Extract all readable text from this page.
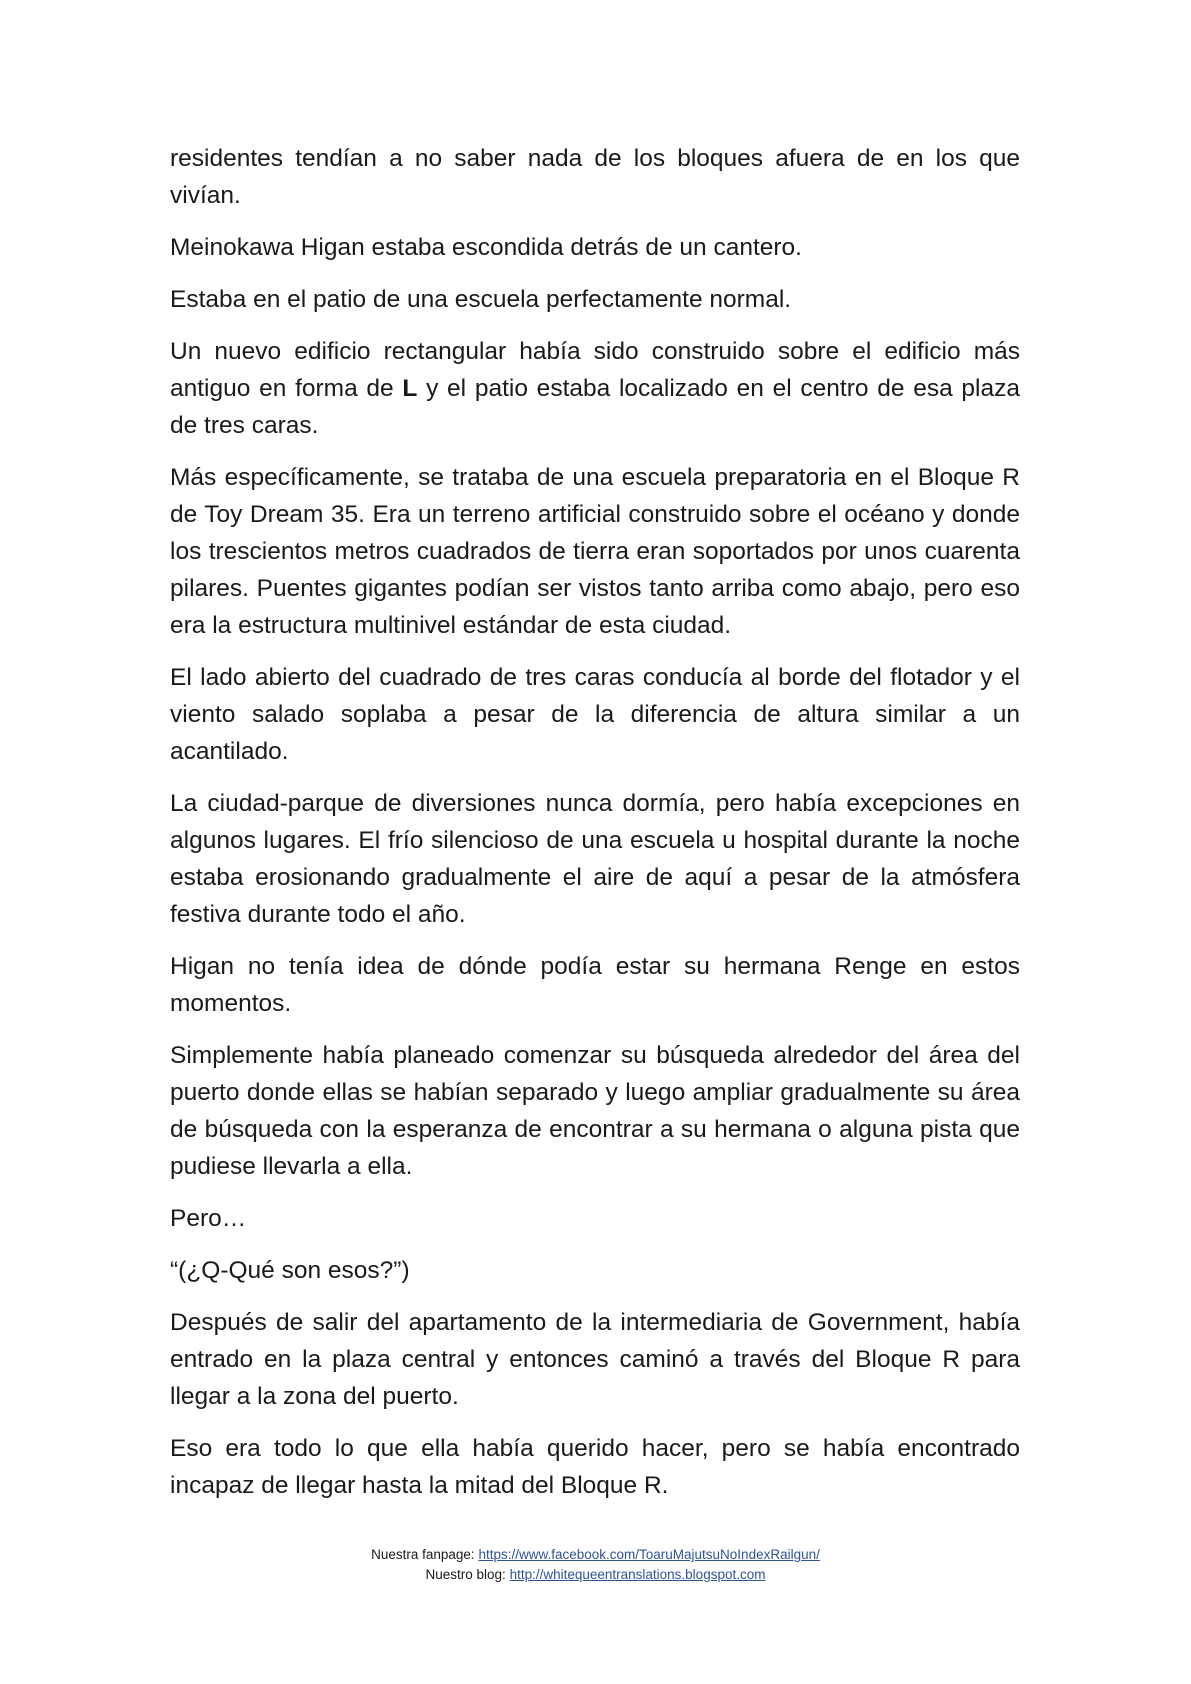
residentes tendían a no saber nada de los bloques afuera de en los que vivían.

Meinokawa Higan estaba escondida detrás de un cantero.

Estaba en el patio de una escuela perfectamente normal.

Un nuevo edificio rectangular había sido construido sobre el edificio más antiguo en forma de L y el patio estaba localizado en el centro de esa plaza de tres caras.

Más específicamente, se trataba de una escuela preparatoria en el Bloque R de Toy Dream 35. Era un terreno artificial construido sobre el océano y donde los trescientos metros cuadrados de tierra eran soportados por unos cuarenta pilares. Puentes gigantes podían ser vistos tanto arriba como abajo, pero eso era la estructura multinivel estándar de esta ciudad.

El lado abierto del cuadrado de tres caras conducía al borde del flotador y el viento salado soplaba a pesar de la diferencia de altura similar a un acantilado.

La ciudad-parque de diversiones nunca dormía, pero había excepciones en algunos lugares. El frío silencioso de una escuela u hospital durante la noche estaba erosionando gradualmente el aire de aquí a pesar de la atmósfera festiva durante todo el año.

Higan no tenía idea de dónde podía estar su hermana Renge en estos momentos.

Simplemente había planeado comenzar su búsqueda alrededor del área del puerto donde ellas se habían separado y luego ampliar gradualmente su área de búsqueda con la esperanza de encontrar a su hermana o alguna pista que pudiese llevarla a ella.

Pero…

“(¿Q-Qué son esos?”)

Después de salir del apartamento de la intermediaria de Government, había entrado en la plaza central y entonces caminó a través del Bloque R para llegar a la zona del puerto.

Eso era todo lo que ella había querido hacer, pero se había encontrado incapaz de llegar hasta la mitad del Bloque R.

Nuestra fanpage: https://www.facebook.com/ToaruMajutsuNoIndexRailgun/
Nuestro blog: http://whitequeentranslations.blogspot.com
